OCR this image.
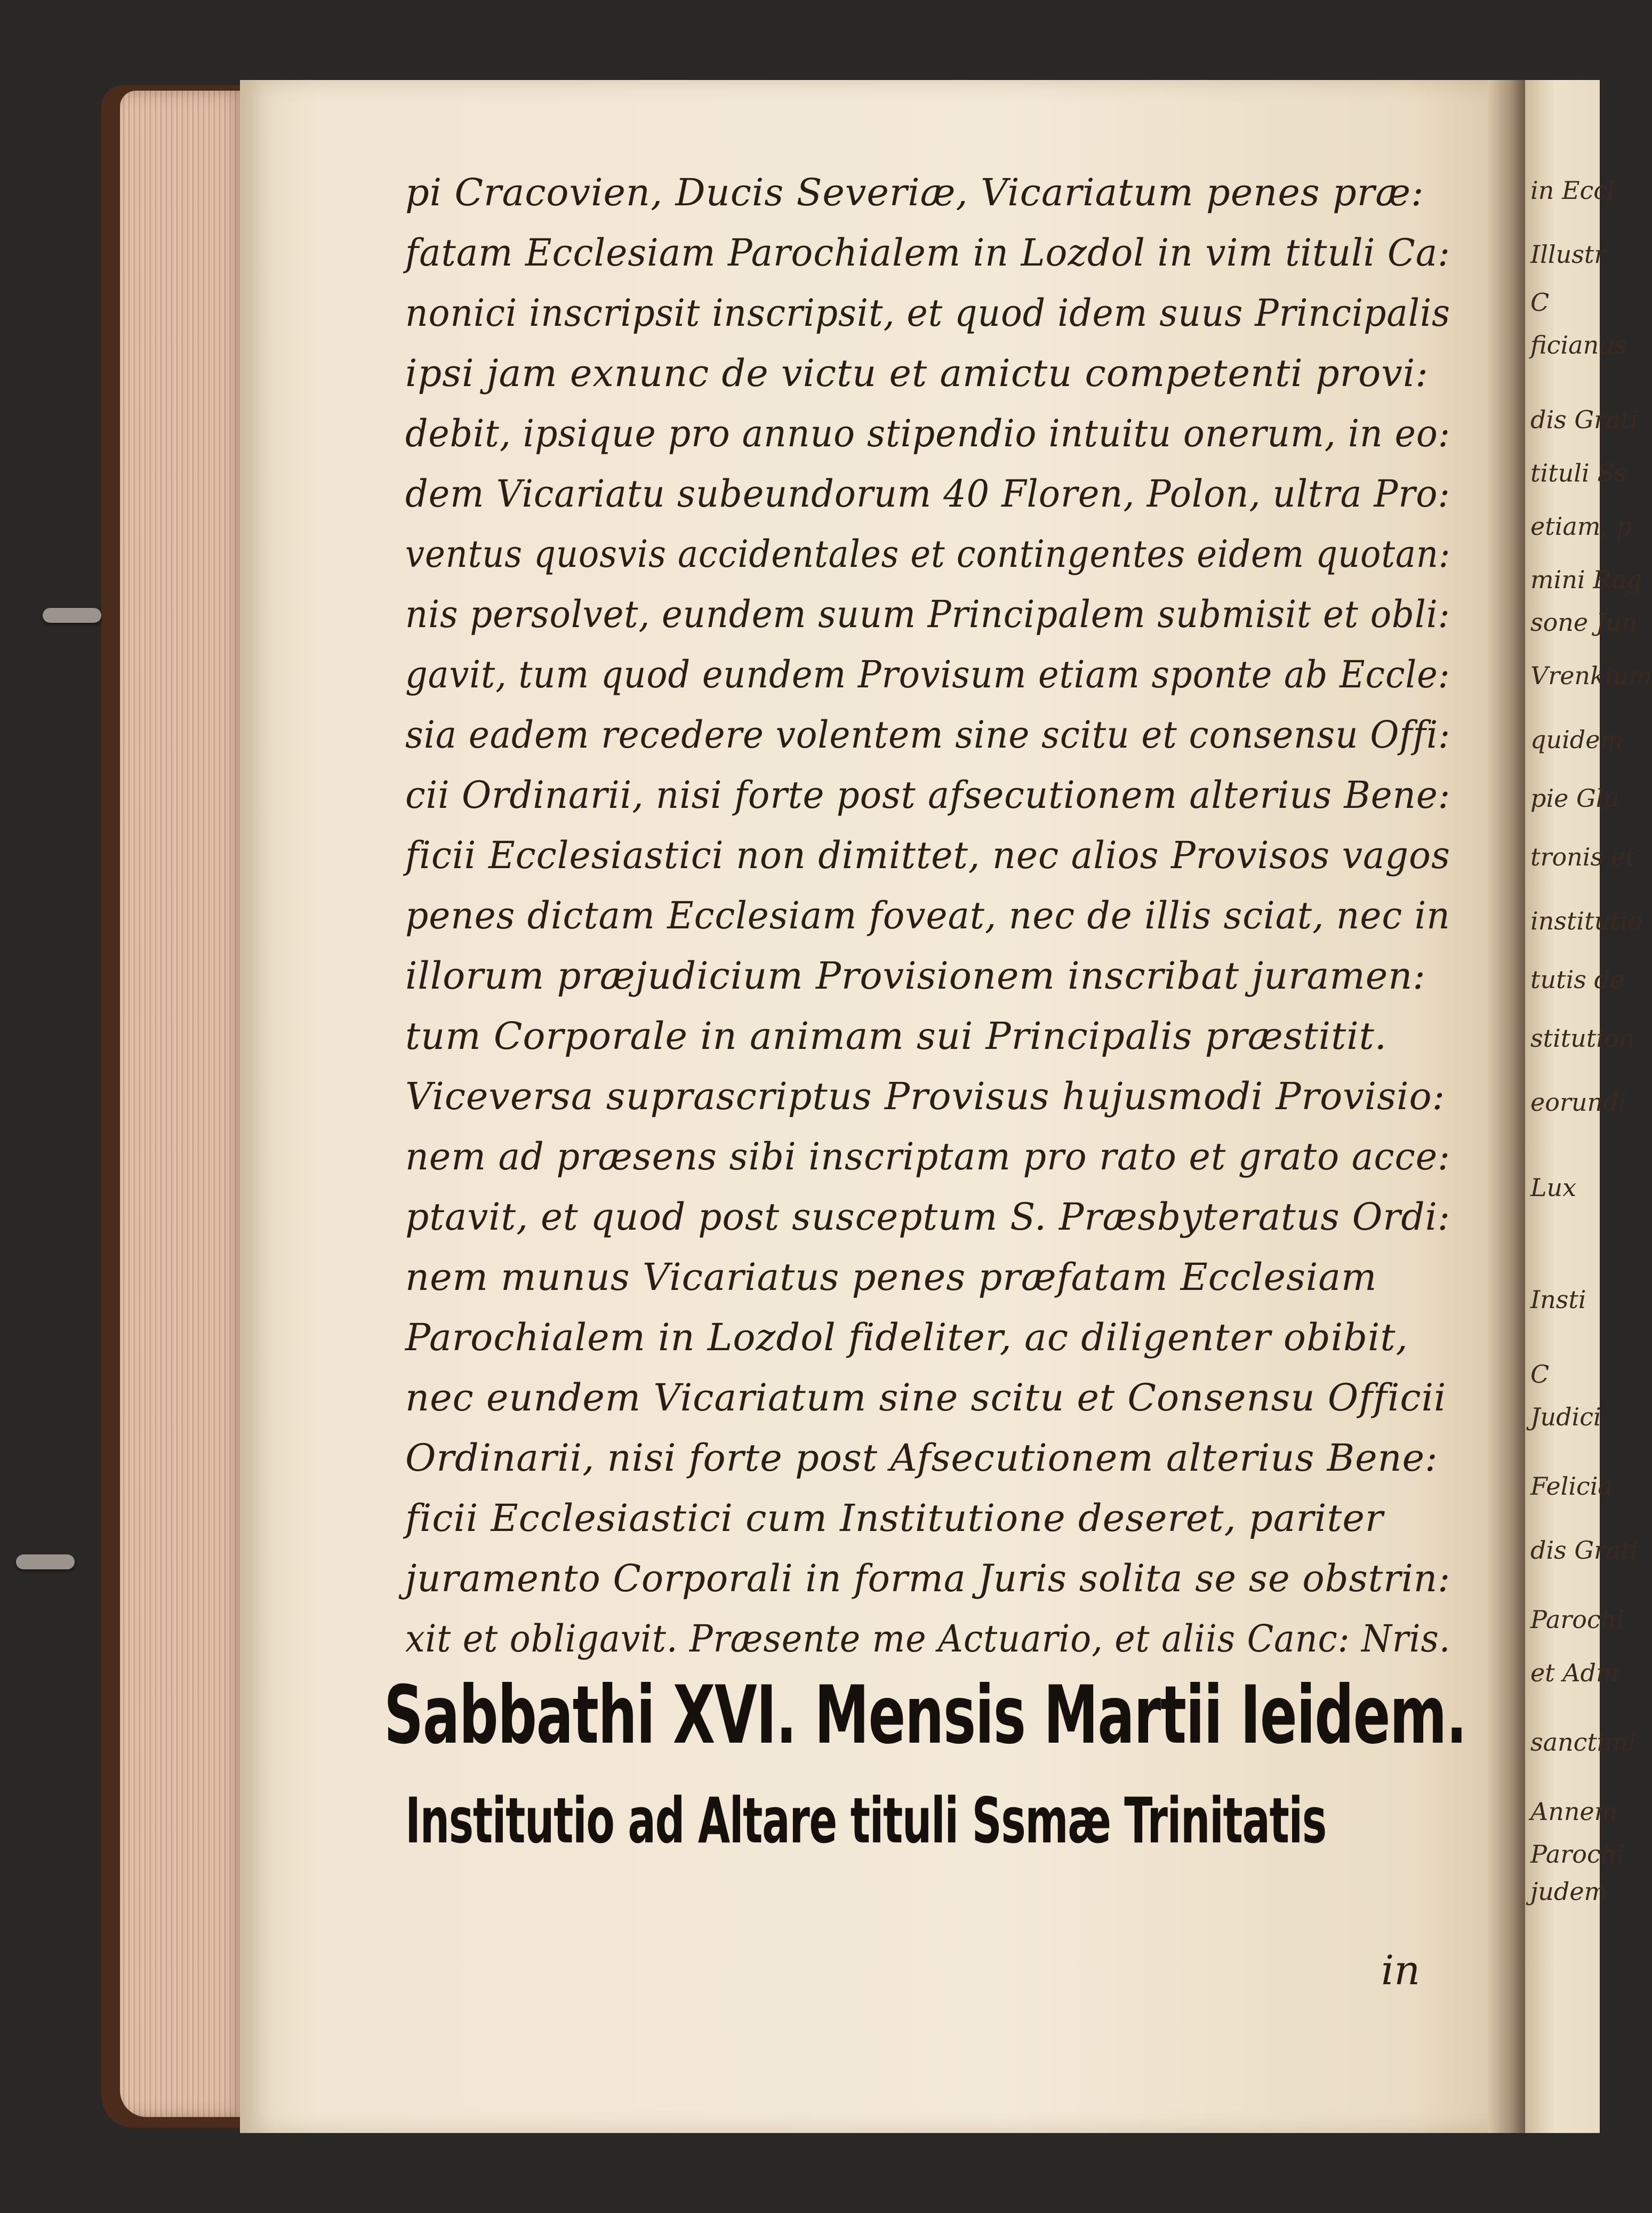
in Eccl
Illustr
C
ficianus
dis Grati
tituli Ss
etiam, p
mini Rag
sone Jun
Vrenkium
quidem
pie Glu
tronis et
institutio
tutis de
stitution
eorundi
Lux
Insti
C
Judici
Felicia
dis Grati
Parochi
et Adm
sanctimi
Annem
Parochi
judem
pi Cracovien, Ducis Severiæ, Vicariatum penes præ:
fatam Ecclesiam Parochialem in Lozdol in vim tituli Ca:
nonici inscripsit inscripsit, et quod idem suus Principalis
ipsi jam exnunc de victu et amictu competenti provi:
debit, ipsique pro annuo stipendio intuitu onerum, in eo:
dem Vicariatu subeundorum 40 Floren, Polon, ultra Pro:
ventus quosvis accidentales et contingentes eidem quotan:
nis persolvet, eundem suum Principalem submisit et obli:
gavit, tum quod eundem Provisum etiam sponte ab Eccle:
sia eadem recedere volentem sine scitu et consensu Offi:
cii Ordinarii, nisi forte post afsecutionem alterius Bene:
ficii Ecclesiastici non dimittet, nec alios Provisos vagos
penes dictam Ecclesiam foveat, nec de illis sciat, nec in
illorum præjudicium Provisionem inscribat juramen:
tum Corporale in animam sui Principalis præstitit.
Viceversa suprascriptus Provisus hujusmodi Provisio:
nem ad præsens sibi inscriptam pro rato et grato acce:
ptavit, et quod post susceptum S. Præsbyteratus Ordi:
nem munus Vicariatus penes præfatam Ecclesiam
Parochialem in Lozdol fideliter, ac diligenter obibit,
nec eundem Vicariatum sine scitu et Consensu Officii
Ordinarii, nisi forte post Afsecutionem alterius Bene:
ficii Ecclesiastici cum Institutione deseret, pariter
juramento Corporali in forma Juris solita se se obstrin:
xit et obligavit. Præsente me Actuario, et aliis Canc: Nris.
Sabbathi XVI. Mensis Martii Ieidem.
Institutio ad Altare tituli Ssmæ Trinitatis
in
